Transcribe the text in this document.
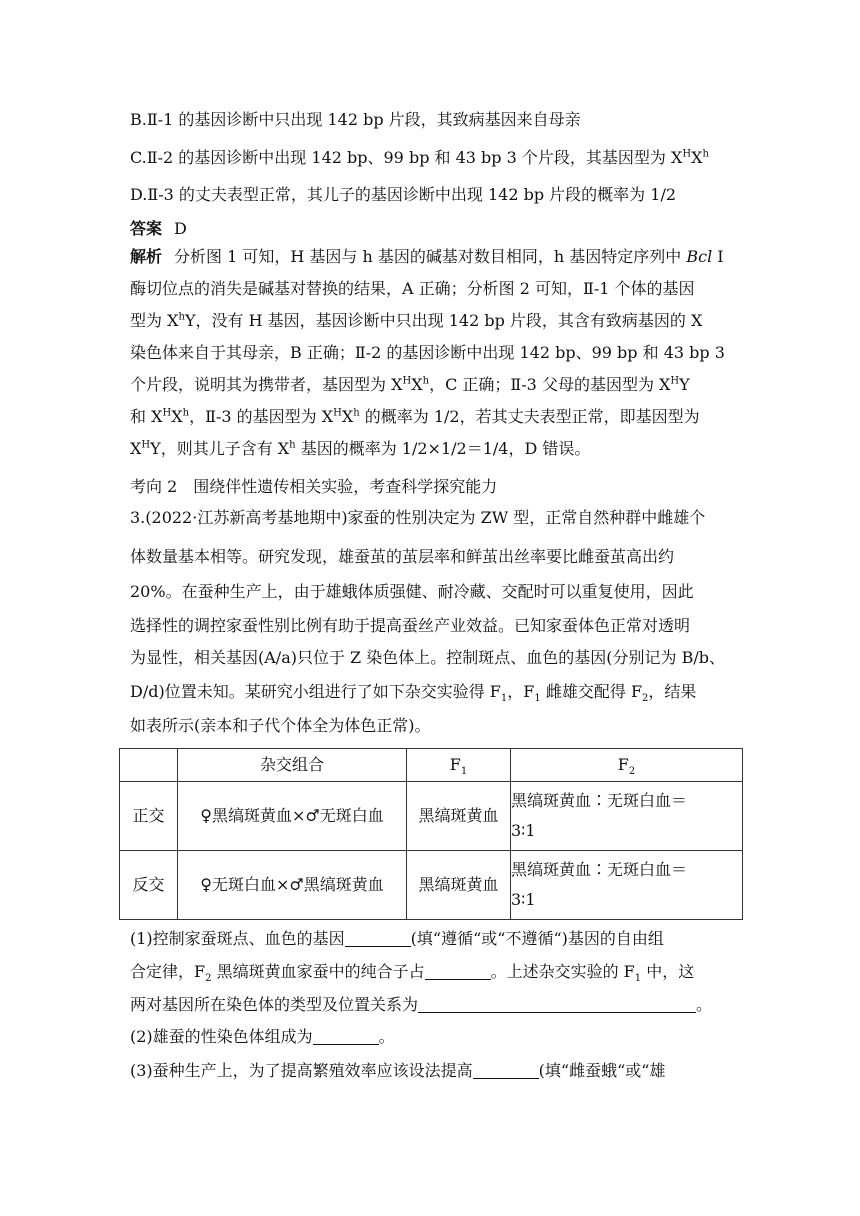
B.Ⅱ-1 的基因诊断中只出现 142 bp 片段，其致病基因来自母亲
C.Ⅱ-2 的基因诊断中出现 142 bp、99 bp 和 43 bp 3 个片段，其基因型为 $X^HX^h$
D.Ⅱ-3 的丈夫表型正常，其儿子的基因诊断中出现 142 bp 片段的概率为 1/2
答案 D
解析 分析图 1 可知，H 基因与 h 基因的碱基对数目相同，h 基因特定序列中 Bcl Ⅰ
酶切位点的消失是碱基对替换的结果，A 正确；分析图 2 可知，Ⅱ-1 个体的基因
型为 $X^hY$，没有 H 基因，基因诊断中只出现 142 bp 片段，其含有致病基因的 X
染色体来自于其母亲，B 正确；Ⅱ-2 的基因诊断中出现 142 bp、99 bp 和 43 bp 3
个片段，说明其为携带者，基因型为 $X^HX^h$，C 正确；Ⅱ-3 父母的基因型为 $X^HY$
和 $X^HX^h$，Ⅱ-3 的基因型为 $X^HX^h$ 的概率为 1/2，若其丈夫表型正常，即基因型为
$X^HY$，则其儿子含有 $X^h$ 基因的概率为 1/2×1/2＝1/4，D 错误。
考向 2　围绕伴性遗传相关实验，考查科学探究能力
3.(2022·江苏新高考基地期中)家蚕的性别决定为 ZW 型，正常自然种群中雌雄个
体数量基本相等。研究发现，雄蚕茧的茧层率和鲜茧出丝率要比雌蚕茧高出约
20%。在蚕种生产上，由于雄蛾体质强健、耐冷藏、交配时可以重复使用，因此
选择性的调控家蚕性别比例有助于提高蚕丝产业效益。已知家蚕体色正常对透明
为显性，相关基因(A/a)只位于 Z 染色体上。控制斑点、血色的基因(分别记为 B/b、
D/d)位置未知。某研究小组进行了如下杂交实验得 $F_1$，$F_1$ 雌雄交配得 $F_2$，结果
如表所示(亲本和子代个体全为体色正常)。
	杂交组合	$F_1$	$F_2$
正交	♀黑缟斑黄血×♂无斑白血	黑缟斑黄血	黑缟斑黄血∶无斑白血＝
3∶1

反交	♀无斑白血×♂黑缟斑黄血	黑缟斑黄血	黑缟斑黄血∶无斑白血＝
3∶1
(1)控制家蚕斑点、血色的基因	(填“遵循“或“不遵循“)基因的自由组
合定律，$F_2$ 黑缟斑黄血家蚕中的纯合子占	。上述杂交实验的 $F_1$ 中，这
两对基因所在染色体的类型及位置关系为	。
(2)雄蚕的性染色体组成为	。
(3)蚕种生产上，为了提高繁殖效率应该设法提高	(填“雌蚕蛾“或“雄
